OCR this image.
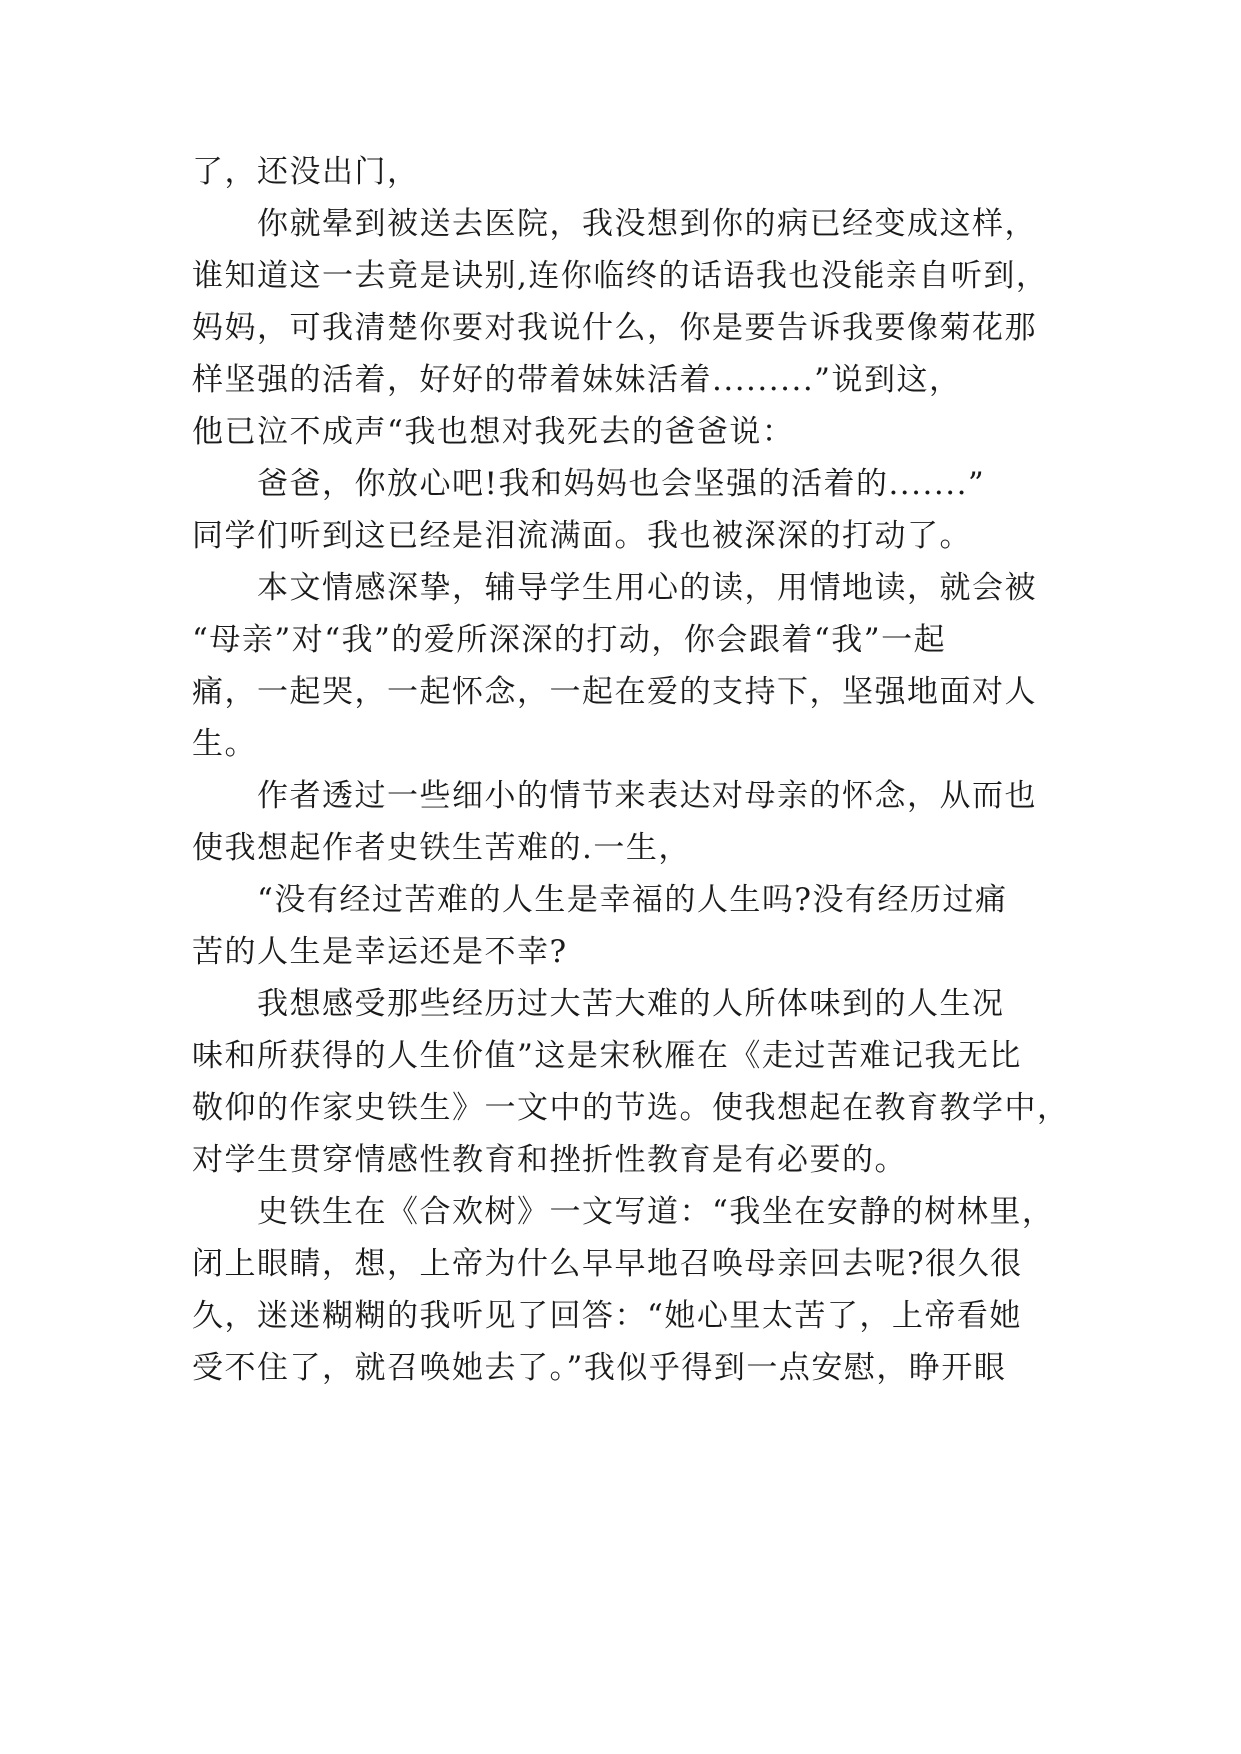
了，还没出门，
　　你就晕到被送去医院，我没想到你的病已经变成这样，
谁知道这一去竟是诀别,连你临终的话语我也没能亲自听到，
妈妈，可我清楚你要对我说什么，你是要告诉我要像菊花那
样坚强的活着，好好的带着妹妹活着.........”说到这，
他已泣不成声“我也想对我死去的爸爸说：
　　爸爸，你放心吧!我和妈妈也会坚强的活着的.......”
同学们听到这已经是泪流满面。我也被深深的打动了。
　　本文情感深挚，辅导学生用心的读，用情地读，就会被
“母亲”对“我”的爱所深深的打动，你会跟着“我”一起
痛，一起哭，一起怀念，一起在爱的支持下，坚强地面对人
生。
　　作者透过一些细小的情节来表达对母亲的怀念，从而也
使我想起作者史铁生苦难的.一生，
　　“没有经过苦难的人生是幸福的人生吗?没有经历过痛
苦的人生是幸运还是不幸?
　　我想感受那些经历过大苦大难的人所体味到的人生况
味和所获得的人生价值”这是宋秋雁在《走过苦难记我无比
敬仰的作家史铁生》一文中的节选。使我想起在教育教学中，
对学生贯穿情感性教育和挫折性教育是有必要的。
　　史铁生在《合欢树》一文写道：“我坐在安静的树林里，
闭上眼睛，想，上帝为什么早早地召唤母亲回去呢?很久很
久，迷迷糊糊的我听见了回答：“她心里太苦了，上帝看她
受不住了，就召唤她去了。”我似乎得到一点安慰，睁开眼
